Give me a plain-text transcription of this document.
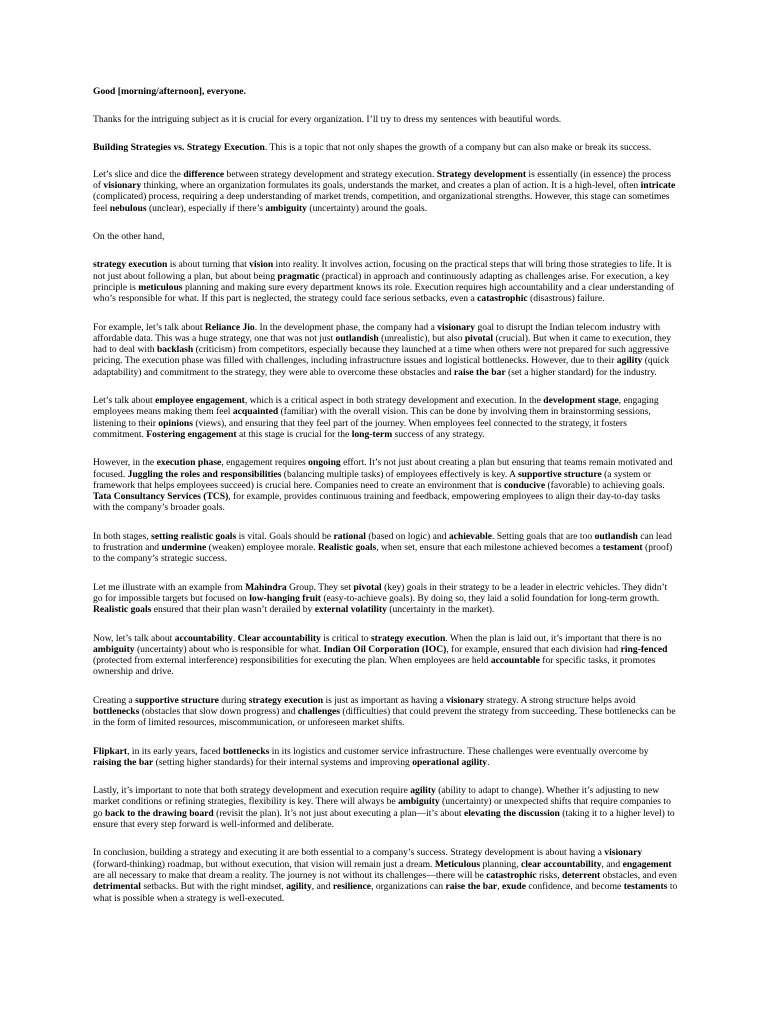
Good [morning/afternoon], everyone.

Thanks for the intriguing subject as it is crucial for every organization. I’ll try to dress my sentences with beautiful words.

Building Strategies vs. Strategy Execution. This is a topic that not only shapes the growth of a company but can also make or break its success.

Let’s slice and dice the difference between strategy development and strategy execution. Strategy development is essentially (in essence) the process of visionary thinking, where an organization formulates its goals, understands the market, and creates a plan of action. It is a high-level, often intricate (complicated) process, requiring a deep understanding of market trends, competition, and organizational strengths. However, this stage can sometimes feel nebulous (unclear), especially if there’s ambiguity (uncertainty) around the goals.

On the other hand,

strategy execution is about turning that vision into reality. It involves action, focusing on the practical steps that will bring those strategies to life. It is not just about following a plan, but about being pragmatic (practical) in approach and continuously adapting as challenges arise. For execution, a key principle is meticulous planning and making sure every department knows its role. Execution requires high accountability and a clear understanding of who’s responsible for what. If this part is neglected, the strategy could face serious setbacks, even a catastrophic (disastrous) failure.

For example, let’s talk about Reliance Jio. In the development phase, the company had a visionary goal to disrupt the Indian telecom industry with affordable data. This was a huge strategy, one that was not just outlandish (unrealistic), but also pivotal (crucial). But when it came to execution, they had to deal with backlash (criticism) from competitors, especially because they launched at a time when others were not prepared for such aggressive pricing. The execution phase was filled with challenges, including infrastructure issues and logistical bottlenecks. However, due to their agility (quick adaptability) and commitment to the strategy, they were able to overcome these obstacles and raise the bar (set a higher standard) for the industry.

Let’s talk about employee engagement, which is a critical aspect in both strategy development and execution. In the development stage, engaging employees means making them feel acquainted (familiar) with the overall vision. This can be done by involving them in brainstorming sessions, listening to their opinions (views), and ensuring that they feel part of the journey. When employees feel connected to the strategy, it fosters commitment. Fostering engagement at this stage is crucial for the long-term success of any strategy.

However, in the execution phase, engagement requires ongoing effort. It’s not just about creating a plan but ensuring that teams remain motivated and focused. Juggling the roles and responsibilities (balancing multiple tasks) of employees effectively is key. A supportive structure (a system or framework that helps employees succeed) is crucial here. Companies need to create an environment that is conducive (favorable) to achieving goals. Tata Consultancy Services (TCS), for example, provides continuous training and feedback, empowering employees to align their day-to-day tasks with the company’s broader goals.

In both stages, setting realistic goals is vital. Goals should be rational (based on logic) and achievable. Setting goals that are too outlandish can lead to frustration and undermine (weaken) employee morale. Realistic goals, when set, ensure that each milestone achieved becomes a testament (proof) to the company’s strategic success.

Let me illustrate with an example from Mahindra Group. They set pivotal (key) goals in their strategy to be a leader in electric vehicles. They didn’t go for impossible targets but focused on low-hanging fruit (easy-to-achieve goals). By doing so, they laid a solid foundation for long-term growth. Realistic goals ensured that their plan wasn’t derailed by external volatility (uncertainty in the market).

Now, let’s talk about accountability. Clear accountability is critical to strategy execution. When the plan is laid out, it’s important that there is no ambiguity (uncertainty) about who is responsible for what. Indian Oil Corporation (IOC), for example, ensured that each division had ring-fenced (protected from external interference) responsibilities for executing the plan. When employees are held accountable for specific tasks, it promotes ownership and drive.

Creating a supportive structure during strategy execution is just as important as having a visionary strategy. A strong structure helps avoid bottlenecks (obstacles that slow down progress) and challenges (difficulties) that could prevent the strategy from succeeding. These bottlenecks can be in the form of limited resources, miscommunication, or unforeseen market shifts.

Flipkart, in its early years, faced bottlenecks in its logistics and customer service infrastructure. These challenges were eventually overcome by raising the bar (setting higher standards) for their internal systems and improving operational agility.

Lastly, it’s important to note that both strategy development and execution require agility (ability to adapt to change). Whether it’s adjusting to new market conditions or refining strategies, flexibility is key. There will always be ambiguity (uncertainty) or unexpected shifts that require companies to go back to the drawing board (revisit the plan). It’s not just about executing a plan—it’s about elevating the discussion (taking it to a higher level) to ensure that every step forward is well-informed and deliberate.

In conclusion, building a strategy and executing it are both essential to a company’s success. Strategy development is about having a visionary (forward-thinking) roadmap, but without execution, that vision will remain just a dream. Meticulous planning, clear accountability, and engagement are all necessary to make that dream a reality. The journey is not without its challenges—there will be catastrophic risks, deterrent obstacles, and even detrimental setbacks. But with the right mindset, agility, and resilience, organizations can raise the bar, exude confidence, and become testaments to what is possible when a strategy is well-executed.
